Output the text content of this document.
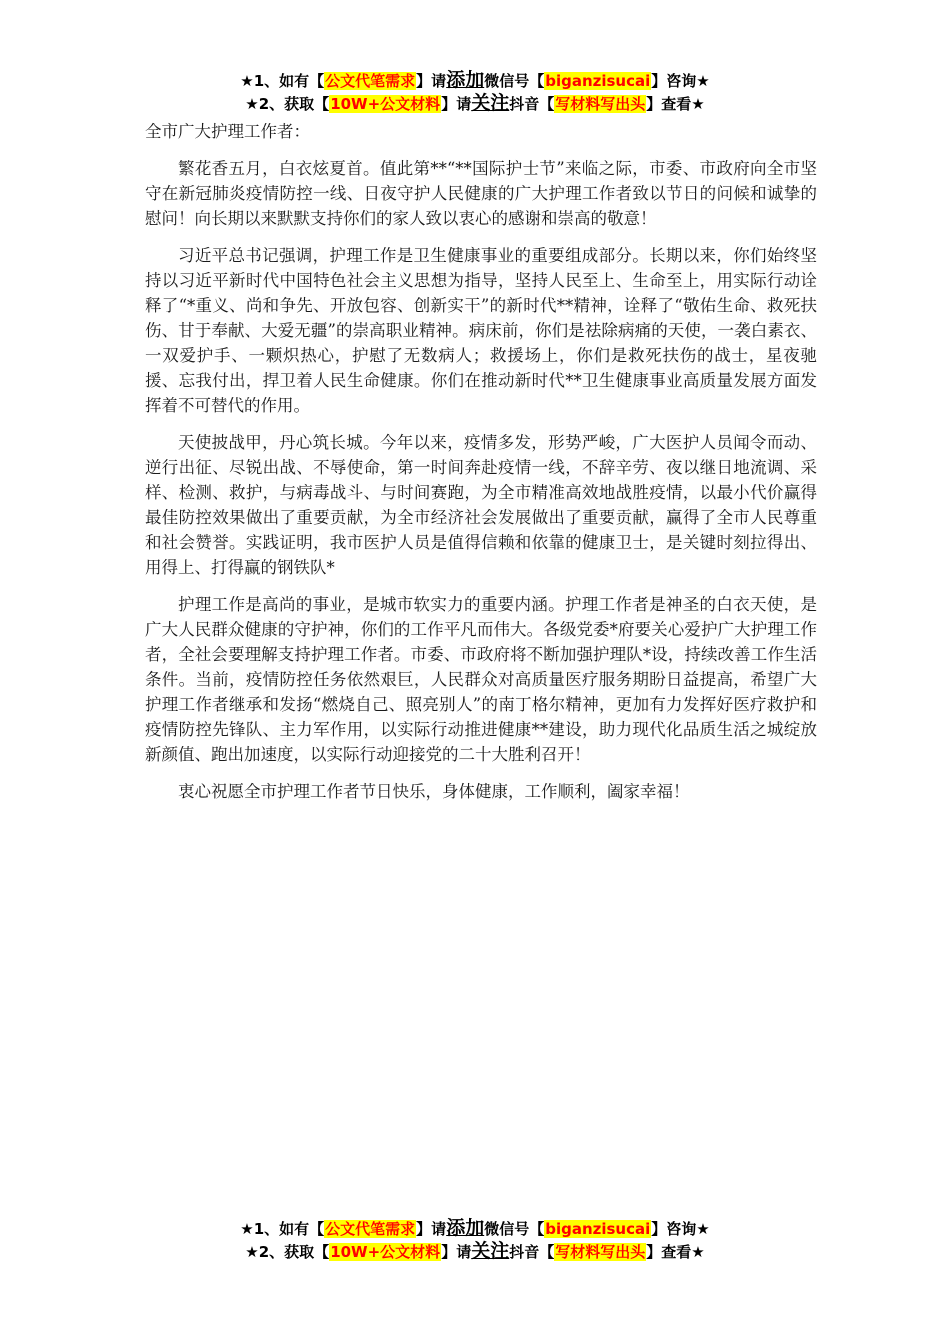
★1、如有【公文代笔需求】请添加微信号【biganzisucai】咨询★
★2、获取【10W+公文材料】请关注抖音【写材料写出头】查看★

全市广大护理工作者：

繁花香五月，白衣炫夏首。值此第**“**国际护士节”来临之际，市委、市政府向全市坚守在新冠肺炎疫情防控一线、日夜守护人民健康的广大护理工作者致以节日的问候和诚挚的慰问！向长期以来默默支持你们的家人致以衷心的感谢和崇高的敬意！

习近平总书记强调，护理工作是卫生健康事业的重要组成部分。长期以来，你们始终坚持以习近平新时代中国特色社会主义思想为指导，坚持人民至上、生命至上，用实际行动诠释了“*重义、尚和争先、开放包容、创新实干”的新时代**精神，诠释了“敬佑生命、救死扶伤、甘于奉献、大爱无疆”的崇高职业精神。病床前，你们是祛除病痛的天使，一袭白素衣、一双爱护手、一颗炽热心，护慰了无数病人；救援场上，你们是救死扶伤的战士，星夜驰援、忘我付出，捍卫着人民生命健康。你们在推动新时代**卫生健康事业高质量发展方面发挥着不可替代的作用。

天使披战甲，丹心筑长城。今年以来，疫情多发，形势严峻，广大医护人员闻令而动、逆行出征、尽锐出战、不辱使命，第一时间奔赴疫情一线，不辞辛劳、夜以继日地流调、采样、检测、救护，与病毒战斗、与时间赛跑，为全市精准高效地战胜疫情，以最小代价赢得最佳防控效果做出了重要贡献，为全市经济社会发展做出了重要贡献，赢得了全市人民尊重和社会赞誉。实践证明，我市医护人员是值得信赖和依靠的健康卫士，是关键时刻拉得出、用得上、打得赢的钢铁队*

护理工作是高尚的事业，是城市软实力的重要内涵。护理工作者是神圣的白衣天使，是广大人民群众健康的守护神，你们的工作平凡而伟大。各级党委*府要关心爱护广大护理工作者，全社会要理解支持护理工作者。市委、市政府将不断加强护理队*设，持续改善工作生活条件。当前，疫情防控任务依然艰巨，人民群众对高质量医疗服务期盼日益提高，希望广大护理工作者继承和发扬“燃烧自己、照亮别人”的南丁格尔精神，更加有力发挥好医疗救护和疫情防控先锋队、主力军作用，以实际行动推进健康**建设，助力现代化品质生活之城绽放新颜值、跑出加速度，以实际行动迎接党的二十大胜利召开！

衷心祝愿全市护理工作者节日快乐，身体健康，工作顺利，阖家幸福！

★1、如有【公文代笔需求】请添加微信号【biganzisucai】咨询★
★2、获取【10W+公文材料】请关注抖音【写材料写出头】查看★
